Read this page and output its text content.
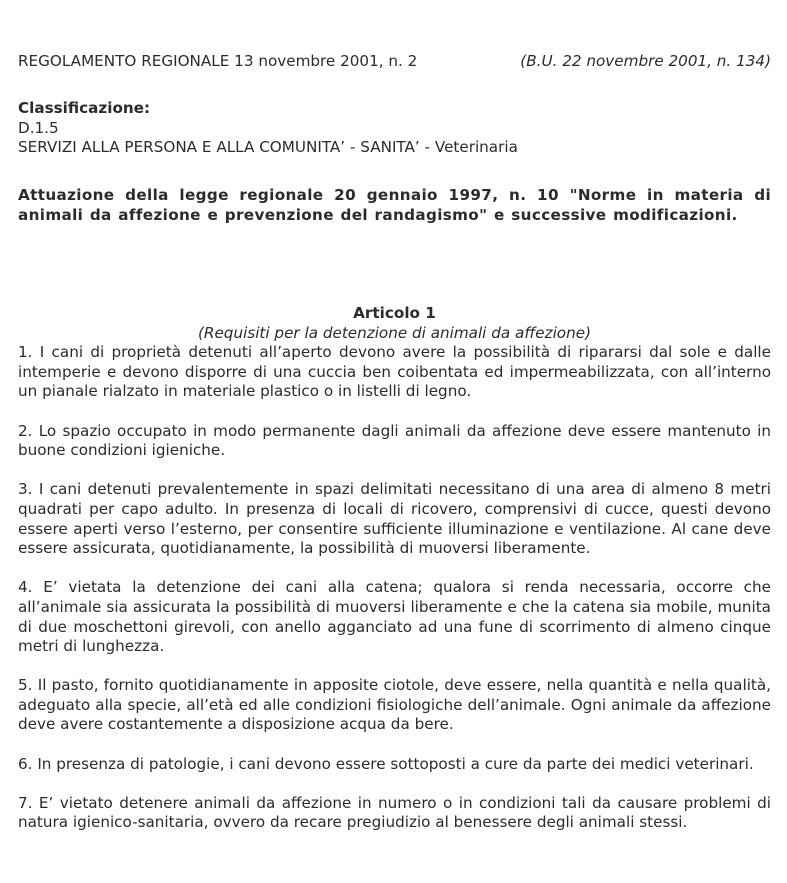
REGOLAMENTO REGIONALE 13 novembre 2001, n. 2	(B.U. 22 novembre 2001, n. 134)
Classificazione:
D.1.5
SERVIZI ALLA PERSONA E ALLA COMUNITA’ - SANITA’ - Veterinaria
Attuazione della legge regionale 20 gennaio 1997, n. 10 "Norme in materia di animali da affezione e prevenzione del randagismo" e successive modificazioni.
Articolo 1
(Requisiti per la detenzione di animali da affezione)

1. I cani di proprietà detenuti all’aperto devono avere la possibilità di ripararsi dal sole e dalle intemperie e devono disporre di una cuccia ben coibentata ed impermeabilizzata, con all’interno un pianale rialzato in materiale plastico o in listelli di legno.

2. Lo spazio occupato in modo permanente dagli animali da affezione deve essere mantenuto in buone condizioni igieniche.

3. I cani detenuti prevalentemente in spazi delimitati necessitano di una area di almeno 8 metri quadrati per capo adulto. In presenza di locali di ricovero, comprensivi di cucce, questi devono essere aperti verso l’esterno, per consentire sufficiente illuminazione e ventilazione. Al cane deve essere assicurata, quotidianamente, la possibilità di muoversi liberamente.

4. E’ vietata la detenzione dei cani alla catena; qualora si renda necessaria, occorre che all’animale sia assicurata la possibilità di muoversi liberamente e che la catena sia mobile, munita di due moschettoni girevoli, con anello agganciato ad una fune di scorrimento di almeno cinque metri di lunghezza.

5. Il pasto, fornito quotidianamente in apposite ciotole, deve essere, nella quantità e nella qualità, adeguato alla specie, all’età ed alle condizioni fisiologiche dell’animale. Ogni animale da affezione deve avere costantemente a disposizione acqua da bere.

6. In presenza di patologie, i cani devono essere sottoposti a cure da parte dei medici veterinari.

7. E’ vietato detenere animali da affezione in numero o in condizioni tali da causare problemi di natura igienico-sanitaria, ovvero da recare pregiudizio al benessere degli animali stessi.
